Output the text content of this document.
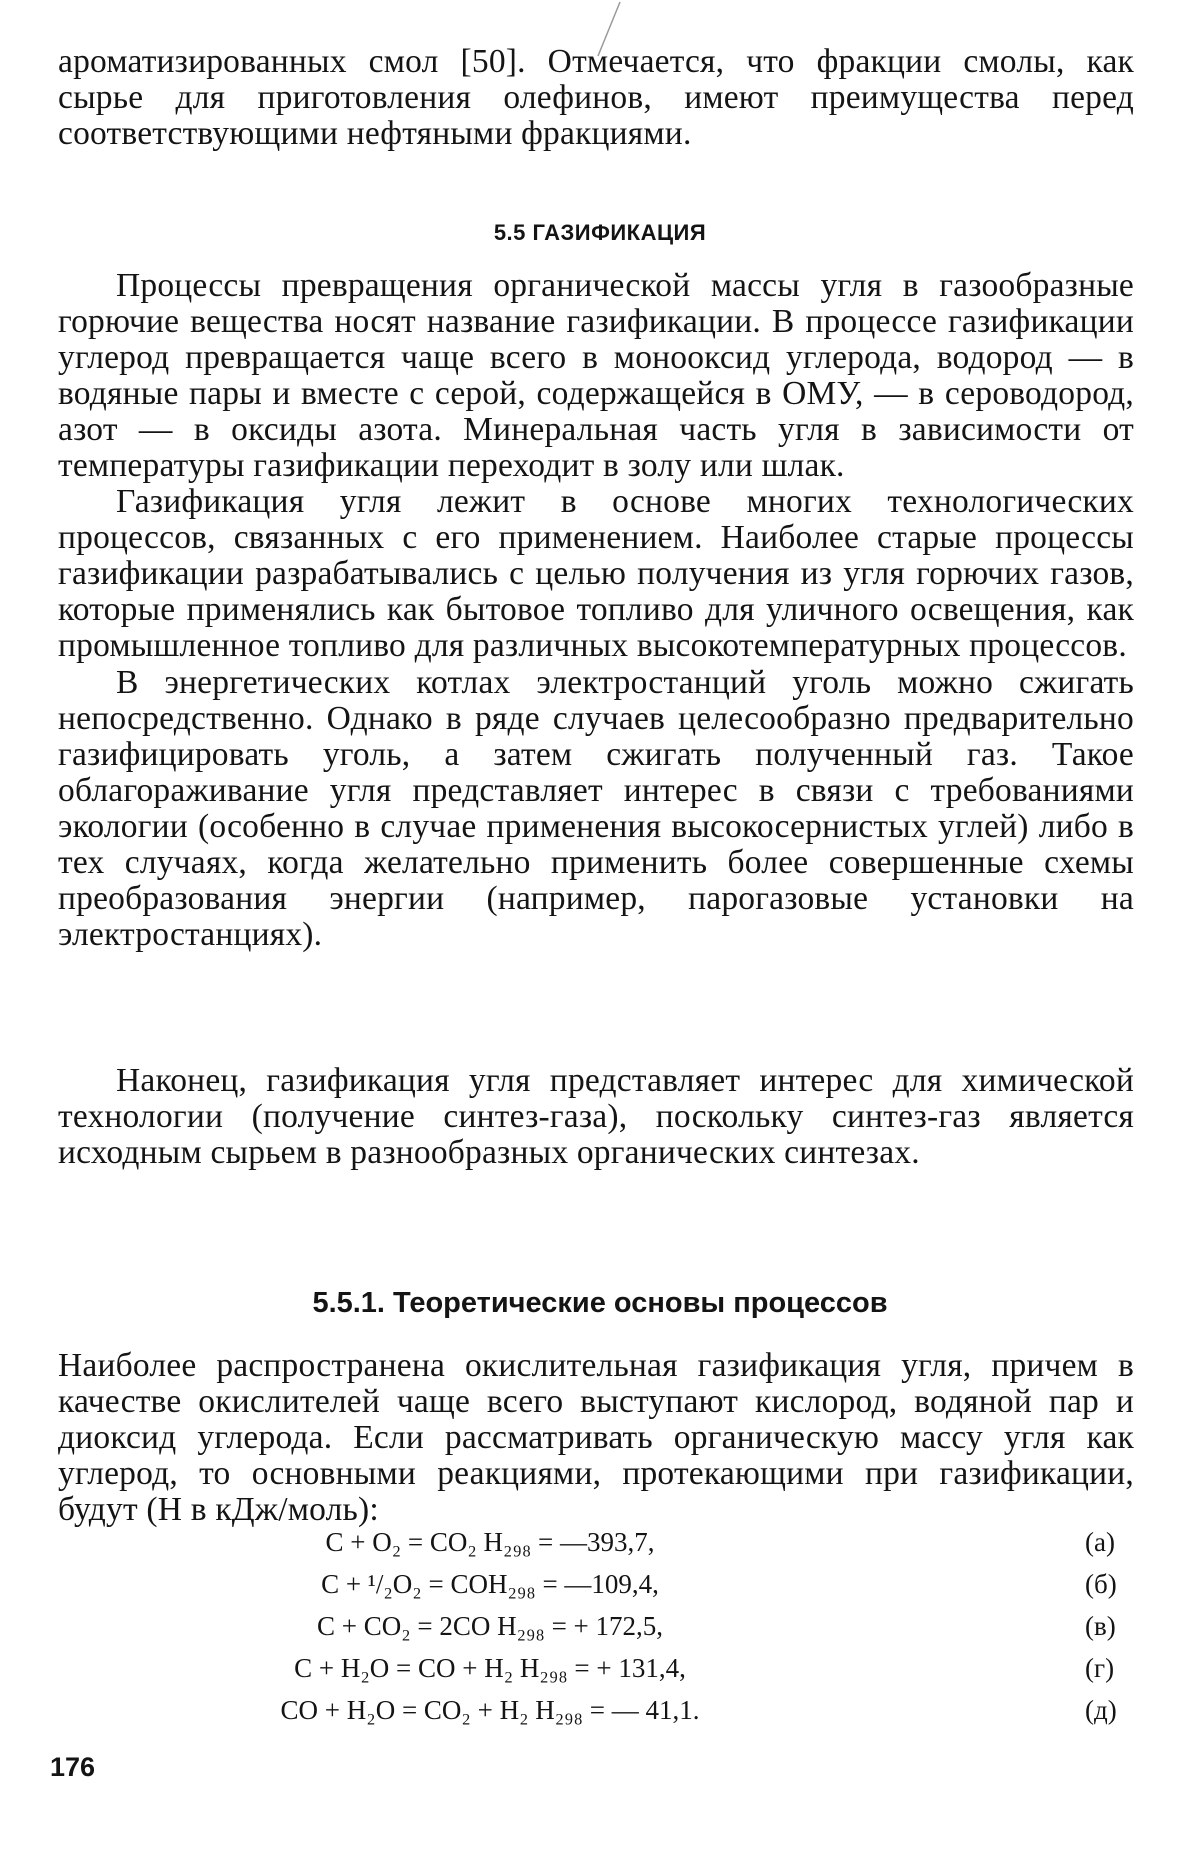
ароматизированных смол [50]. Отмечается, что фракции смолы, как сырье для приготовления олефинов, имеют преимущества перед соответствующими нефтяными фракциями.

5.5 ГАЗИФИКАЦИЯ

Процессы превращения органической массы угля в газообразные горючие вещества носят название газификации. В процессе газификации углерод превращается чаще всего в монооксид углерода, водород — в водяные пары и вместе с серой, содержащейся в ОМУ, — в сероводород, азот — в оксиды азота. Минеральная часть угля в зависимости от температуры газификации переходит в золу или шлак.

Газификация угля лежит в основе многих технологических процессов, связанных с его применением. Наиболее старые процессы газификации разрабатывались с целью получения из угля горючих газов, которые применялись как бытовое топливо для уличного освещения, как промышленное топливо для различных высокотемпературных процессов.

В энергетических котлах электростанций уголь можно сжигать непосредственно. Однако в ряде случаев целесообразно предварительно газифицировать уголь, а затем сжигать полученный газ. Такое облагораживание угля представляет интерес в связи с требованиями экологии (особенно в случае применения высокосернистых углей) либо в тех случаях, когда желательно применить более совершенные схемы преобразования энергии (например, парогазовые установки на электростанциях).

Наконец, газификация угля представляет интерес для химической технологии (получение синтез-газа), поскольку синтез-газ является исходным сырьем в разнообразных органических синтезах.

5.5.1. Теоретические основы процессов

Наиболее распространена окислительная газификация угля, причем в качестве окислителей чаще всего выступают кислород, водяной пар и диоксид углерода. Если рассматривать органическую массу угля как углерод, то основными реакциями, протекающими при газификации, будут (Н в кДж/моль):

C + O₂ = CO₂ H₂₉₈ = —393,7,	(а)

C + ¹/₂O₂ = COH₂₉₈ = —109,4,	(б)

C + CO₂ = 2CO H₂₉₈ = + 172,5,	(в)

C + H₂O = CO + H₂ H₂₉₈ = + 131,4,	(г)

CO + H₂O = CO₂ + H₂ H₂₉₈ = — 41,1.	(д)

176
